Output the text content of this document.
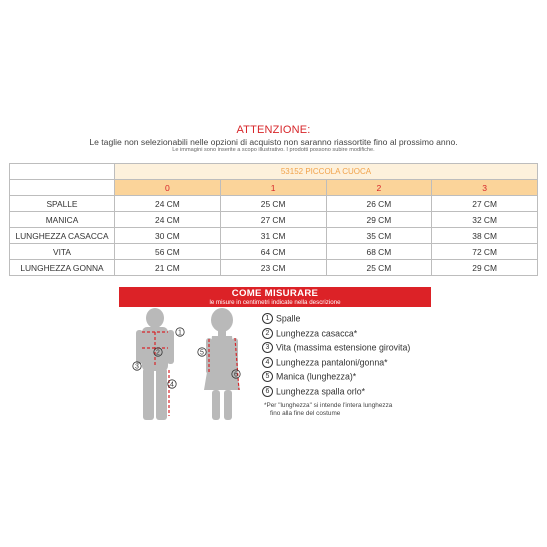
ATTENZIONE:
Le taglie non selezionabili nelle opzioni di acquisto non saranno riassortite fino al prossimo anno.
Le immagini sono inserite a scopo illustrativo. I prodotti possono subire modifiche.
	53152 PICCOLA CUOCA			
	0	1	2	3
SPALLE	24 CM	25 CM	26 CM	27 CM
MANICA	24 CM	27 CM	29 CM	32 CM
LUNGHEZZA CASACCA	30 CM	31 CM	35 CM	38 CM
VITA	56 CM	64 CM	68 CM	72 CM
LUNGHEZZA GONNA	21 CM	23 CM	25 CM	29 CM
COME MISURARE
le misure in centimetri indicate nella descrizione
1
2
3
4
5
6
1 Spalle
2 Lunghezza casacca*
3 Vita (massima estensione girovita)
4 Lunghezza pantaloni/gonna*
5 Manica (lunghezza)*
6 Lunghezza spalla orlo*
*Per "lunghezza" si intende l'intera lunghezza
fino alla fine del costume
